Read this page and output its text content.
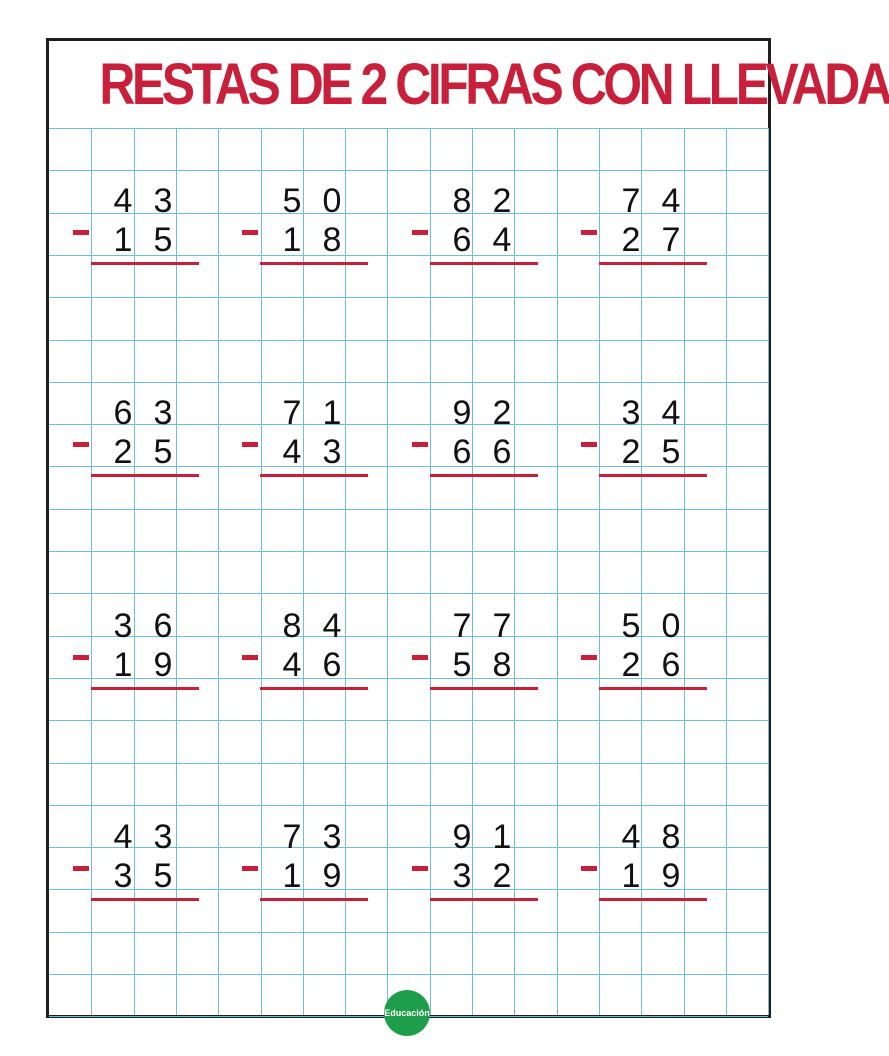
RESTAS DE 2 CIFRAS CON LLEVADA
4 3
1 5
5 0
1 8
8 2
6 4
7 4
2 7
6 3
2 5
7 1
4 3
9 2
6 6
3 4
2 5
3 6
1 9
8 4
4 6
7 7
5 8
5 0
2 6
4 3
3 5
7 3
1 9
9 1
3 2
4 8
1 9
Educación
